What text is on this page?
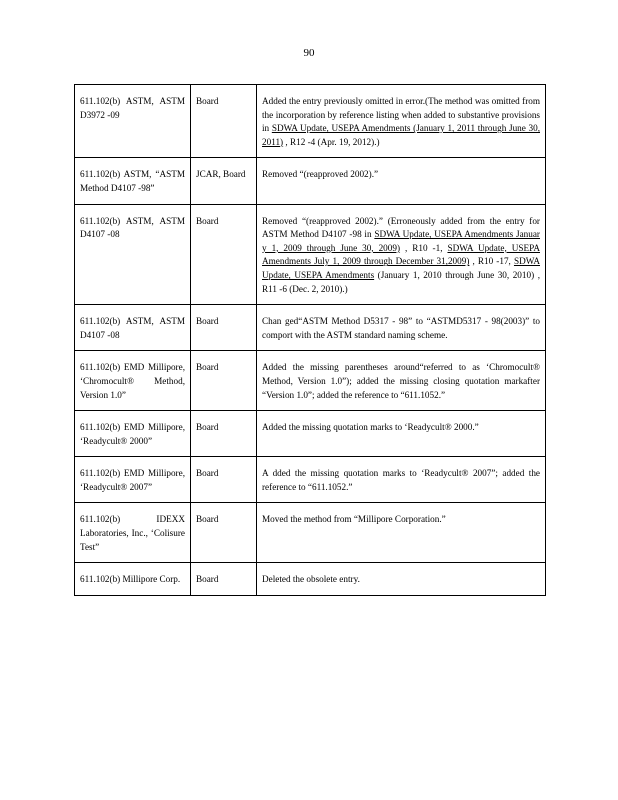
90
611.102(b) ASTM, ASTM D3972 -09	Board	Added the entry previously omitted in error.(The method was omitted from the incorporation by reference listing when added to substantive provisions in SDWA Update, USEPA Amendments (January 1, 2011 through June 30, 2011) , R12 -4 (Apr. 19, 2012).)
611.102(b) ASTM, “ASTM Method D4107 -98”	JCAR, Board	Removed “(reapproved 2002).”
611.102(b) ASTM, ASTM D4107 -08	Board	Removed “(reapproved 2002).” (Erroneously added from the entry for ASTM Method D4107 -98 in SDWA Update, USEPA Amendments Januar y 1, 2009 through June 30, 2009) , R10 -1, SDWA Update, USEPA Amendments July 1, 2009 through December 31,2009) , R10 -17, SDWA Update, USEPA Amendments (January 1, 2010 through June 30, 2010) , R11 -6 (Dec. 2, 2010).)
611.102(b) ASTM, ASTM D4107 -08	Board	Chan ged“ASTM Method D5317 - 98” to “ASTMD5317 - 98(2003)” to comport with the ASTM standard naming scheme.
611.102(b) EMD Millipore, ‘Chromocult® Method, Version 1.0”	Board	Added the missing parentheses around“referred to as ‘Chromocult® Method, Version 1.0”); added the missing closing quotation markafter “Version 1.0”; added the reference to “611.1052.”
611.102(b) EMD Millipore, ‘Readycult® 2000”	Board	Added the missing quotation marks to ‘Readycult® 2000.”
611.102(b) EMD Millipore, ‘Readycult® 2007”	Board	A dded the missing quotation marks to ‘Readycult® 2007”; added the reference to “611.1052.”
611.102(b) IDEXX Laboratories, Inc., ‘Colisure Test”	Board	Moved the method from “Millipore Corporation.”
611.102(b) Millipore Corp.	Board	Deleted the obsolete entry.
